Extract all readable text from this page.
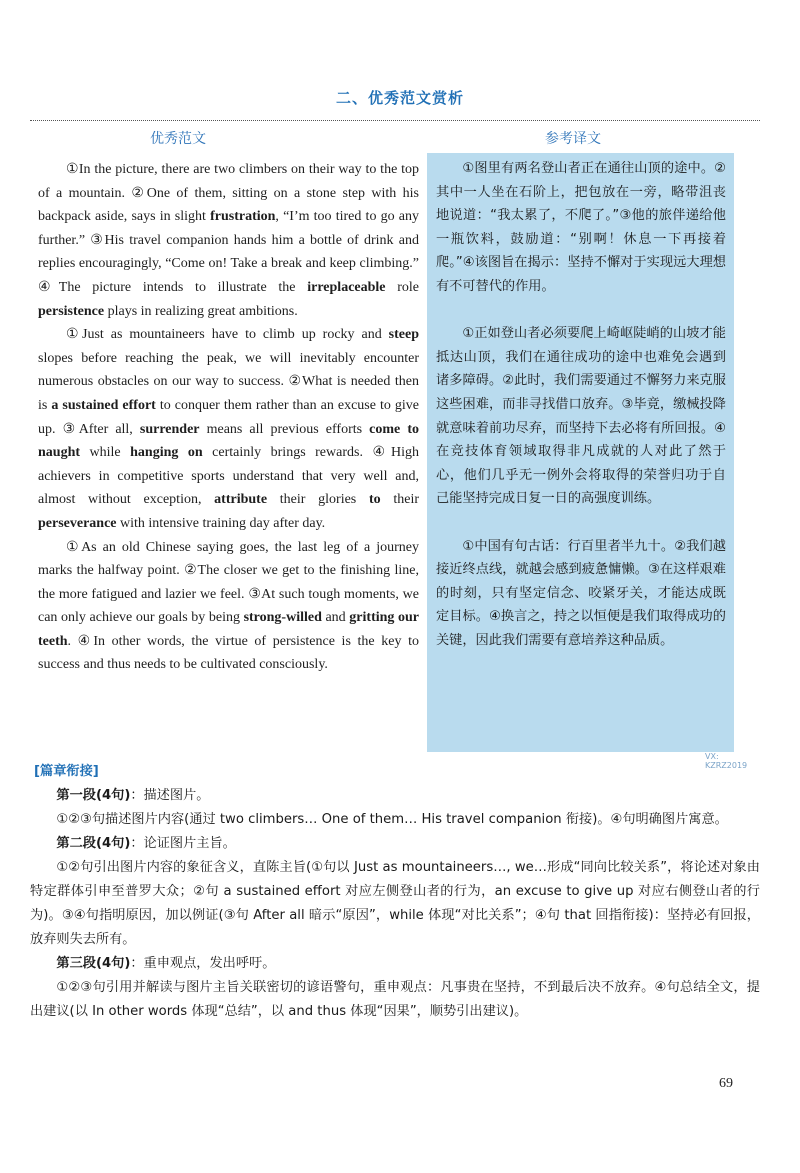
二、优秀范文赏析
优秀范文	参考译文

①In the picture, there are two climbers on their way to the top of a mountain. ②One of them, sitting on a stone step with his backpack aside, says in slight frustration, “I’m too tired to go any further.” ③His travel companion hands him a bottle of drink and replies encouragingly, “Come on! Take a break and keep climbing.” ④The picture intends to illustrate the irreplaceable role persistence plays in realizing great ambitions.

①Just as mountaineers have to climb up rocky and steep slopes before reaching the peak, we will inevitably encounter numerous obstacles on our way to success. ②What is needed then is a sustained effort to conquer them rather than an excuse to give up. ③After all, surrender means all previous efforts come to naught while hanging on certainly brings rewards. ④High achievers in competitive sports understand that very well and, almost without exception, attribute their glories to their perseverance with intensive training day after day.

①As an old Chinese saying goes, the last leg of a journey marks the halfway point. ②The closer we get to the finishing line, the more fatigued and lazier we feel. ③At such tough moments, we can only achieve our goals by being strong-willed and gritting our teeth. ④In other words, the virtue of persistence is the key to success and thus needs to be cultivated consciously.

①图里有两名登山者正在通往山顶的途中。②其中一人坐在石阶上，把包放在一旁，略带沮丧地说道：“我太累了，不爬了。”③他的旅伴递给他一瓶饮料，鼓励道：“别啊！休息一下再接着爬。”④该图旨在揭示：坚持不懈对于实现远大理想有不可替代的作用。

①正如登山者必须要爬上崎岖陡峭的山坡才能抵达山顶，我们在通往成功的途中也难免会遇到诸多障碍。②此时，我们需要通过不懈努力来克服这些困难，而非寻找借口放弃。③毕竟，缴械投降就意味着前功尽弃，而坚持下去必将有所回报。④在竞技体育领域取得非凡成就的人对此了然于心，他们几乎无一例外会将取得的荣誉归功于自己能坚持完成日复一日的高强度训练。

①中国有句古话：行百里者半九十。②我们越接近终点线，就越会感到疲惫慵懒。③在这样艰难的时刻，只有坚定信念、咬紧牙关，才能达成既定目标。④换言之，持之以恒便是我们取得成功的关键，因此我们需要有意培养这种品质。

VX:
KZRZ2019
[篇章衔接]

第一段(4句)：描述图片。

①②③句描述图片内容(通过 two climbers… One of them… His travel companion 衔接)。④句明确图片寓意。

第二段(4句)：论证图片主旨。

①②句引出图片内容的象征含义，直陈主旨(①句以 Just as mountaineers…, we…形成“同向比较关系”，将论述对象由特定群体引申至普罗大众；②句 a sustained effort 对应左侧登山者的行为，an excuse to give up 对应右侧登山者的行为)。③④句指明原因，加以例证(③句 After all 暗示“原因”，while 体现“对比关系”；④句 that 回指衔接)：坚持必有回报，放弃则失去所有。

第三段(4句)：重申观点，发出呼吁。

①②③句引用并解读与图片主旨关联密切的谚语警句，重申观点：凡事贵在坚持，不到最后决不放弃。④句总结全文，提出建议(以 In other words 体现“总结”，以 and thus 体现“因果”，顺势引出建议)。

69
